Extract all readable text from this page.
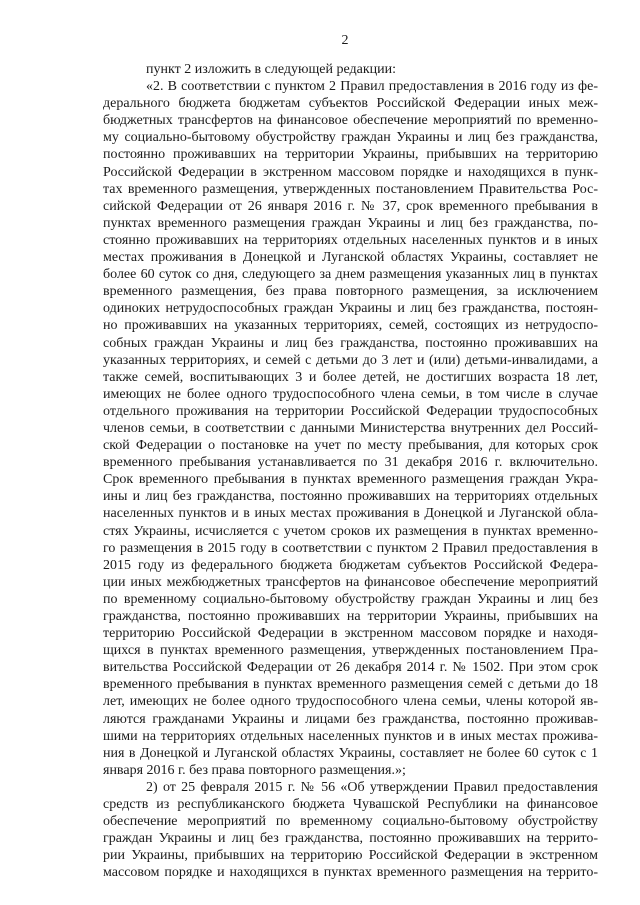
2
пункт 2 изложить в следующей редакции:
«2. В соответствии с пунктом 2 Правил предоставления в 2016 году из фе-
дерального бюджета бюджетам субъектов Российской Федерации иных меж-
бюджетных трансфертов на финансовое обеспечение мероприятий по временно-
му социально-бытовому обустройству граждан Украины и лиц без гражданства,
постоянно проживавших на территории Украины, прибывших на территорию
Российской Федерации в экстренном массовом порядке и находящихся в пунк-
тах временного размещения, утвержденных постановлением Правительства Рос-
сийской Федерации от 26 января 2016 г. № 37, срок временного пребывания в
пунктах временного размещения граждан Украины и лиц без гражданства, по-
стоянно проживавших на территориях отдельных населенных пунктов и в иных
местах проживания в Донецкой и Луганской областях Украины, составляет не
более 60 суток со дня, следующего за днем размещения указанных лиц в пунктах
временного размещения, без права повторного размещения, за исключением
одиноких нетрудоспособных граждан Украины и лиц без гражданства, постоян-
но проживавших на указанных территориях, семей, состоящих из нетрудоспо-
собных граждан Украины и лиц без гражданства, постоянно проживавших на
указанных территориях, и семей с детьми до 3 лет и (или) детьми-инвалидами, а
также семей, воспитывающих 3 и более детей, не достигших возраста 18 лет,
имеющих не более одного трудоспособного члена семьи, в том числе в случае
отдельного проживания на территории Российской Федерации трудоспособных
членов семьи, в соответствии с данными Министерства внутренних дел Россий-
ской Федерации о постановке на учет по месту пребывания, для которых срок
временного пребывания устанавливается по 31 декабря 2016 г. включительно.
Срок временного пребывания в пунктах временного размещения граждан Укра-
ины и лиц без гражданства, постоянно проживавших на территориях отдельных
населенных пунктов и в иных местах проживания в Донецкой и Луганской обла-
стях Украины, исчисляется с учетом сроков их размещения в пунктах временно-
го размещения в 2015 году в соответствии с пунктом 2 Правил предоставления в
2015 году из федерального бюджета бюджетам субъектов Российской Федера-
ции иных межбюджетных трансфертов на финансовое обеспечение мероприятий
по временному социально-бытовому обустройству граждан Украины и лиц без
гражданства, постоянно проживавших на территории Украины, прибывших на
территорию Российской Федерации в экстренном массовом порядке и находя-
щихся в пунктах временного размещения, утвержденных постановлением Пра-
вительства Российской Федерации от 26 декабря 2014 г. № 1502. При этом срок
временного пребывания в пунктах временного размещения семей с детьми до 18
лет, имеющих не более одного трудоспособного члена семьи, члены которой яв-
ляются гражданами Украины и лицами без гражданства, постоянно проживав-
шими на территориях отдельных населенных пунктов и в иных местах прожива-
ния в Донецкой и Луганской областях Украины, составляет не более 60 суток с 1
января 2016 г. без права повторного размещения.»;
2) от 25 февраля 2015 г. № 56 «Об утверждении Правил предоставления
средств из республиканского бюджета Чувашской Республики на финансовое
обеспечение мероприятий по временному социально-бытовому обустройству
граждан Украины и лиц без гражданства, постоянно проживавших на террито-
рии Украины, прибывших на территорию Российской Федерации в экстренном
массовом порядке и находящихся в пунктах временного размещения на террито-
